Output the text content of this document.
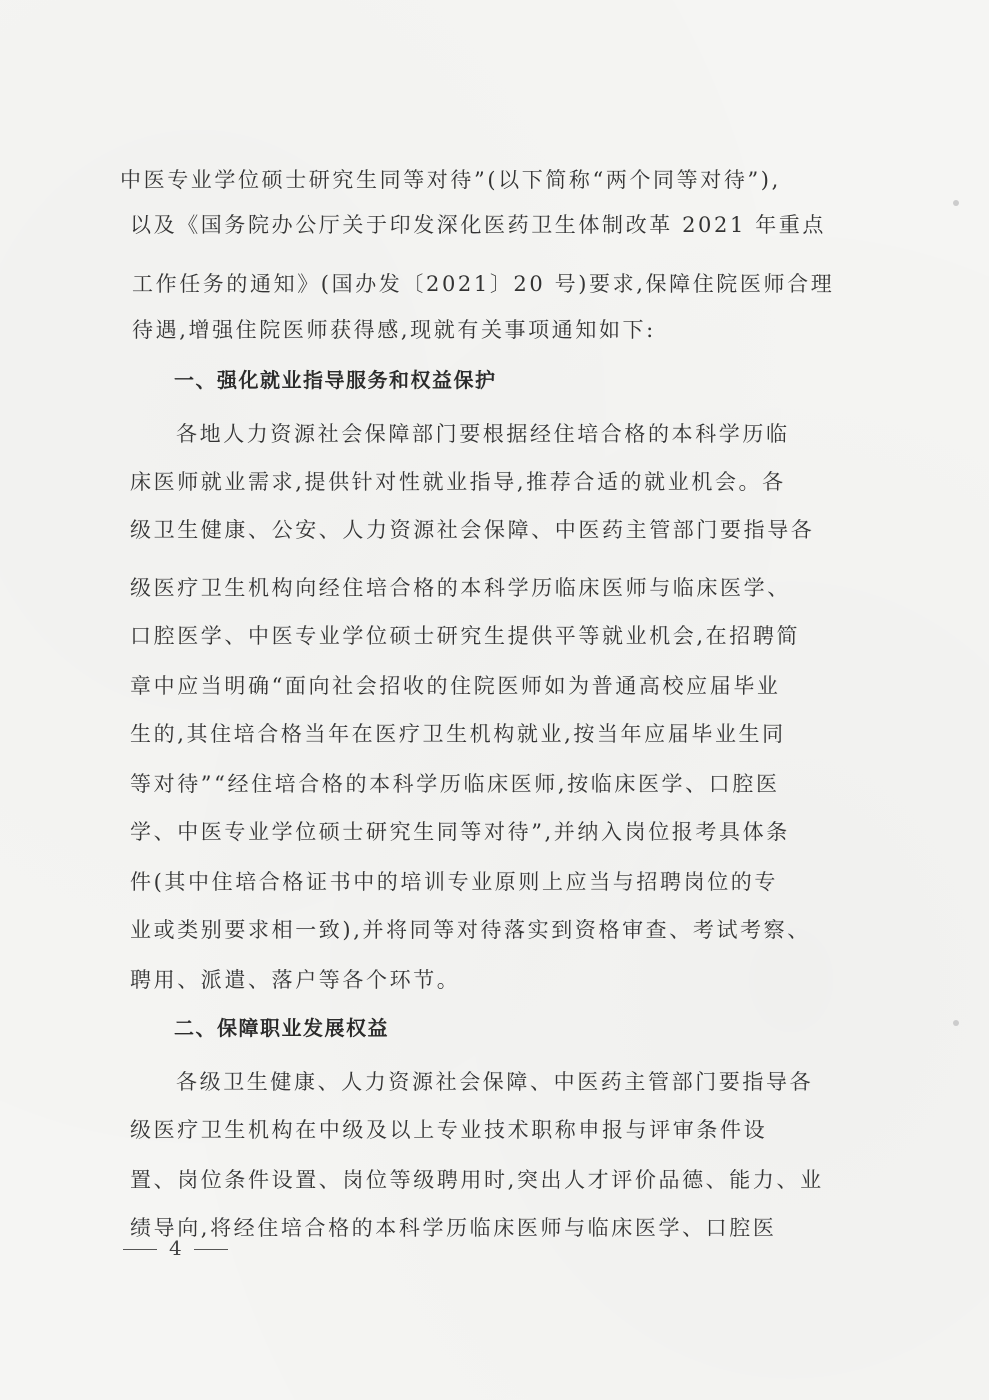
中医专业学位硕士研究生同等对待”(以下简称“两个同等对待”),
以及《国务院办公厅关于印发深化医药卫生体制改革 2021 年重点
工作任务的通知》(国办发〔2021〕20 号)要求,保障住院医师合理
待遇,增强住院医师获得感,现就有关事项通知如下:
一、强化就业指导服务和权益保护
各地人力资源社会保障部门要根据经住培合格的本科学历临
床医师就业需求,提供针对性就业指导,推荐合适的就业机会。各
级卫生健康、公安、人力资源社会保障、中医药主管部门要指导各
级医疗卫生机构向经住培合格的本科学历临床医师与临床医学、
口腔医学、中医专业学位硕士研究生提供平等就业机会,在招聘简
章中应当明确“面向社会招收的住院医师如为普通高校应届毕业
生的,其住培合格当年在医疗卫生机构就业,按当年应届毕业生同
等对待”“经住培合格的本科学历临床医师,按临床医学、口腔医
学、中医专业学位硕士研究生同等对待”,并纳入岗位报考具体条
件(其中住培合格证书中的培训专业原则上应当与招聘岗位的专
业或类别要求相一致),并将同等对待落实到资格审查、考试考察、
聘用、派遣、落户等各个环节。
二、保障职业发展权益
各级卫生健康、人力资源社会保障、中医药主管部门要指导各
级医疗卫生机构在中级及以上专业技术职称申报与评审条件设
置、岗位条件设置、岗位等级聘用时,突出人才评价品德、能力、业
绩导向,将经住培合格的本科学历临床医师与临床医学、口腔医
4
